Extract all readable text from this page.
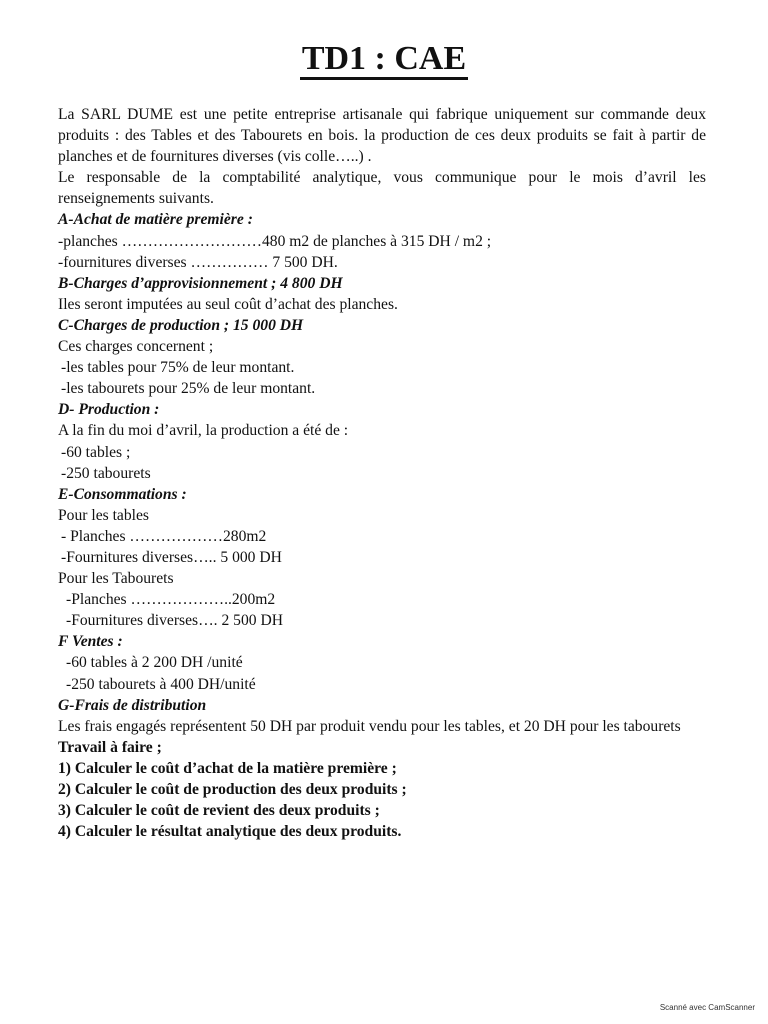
TD1 : CAE
La SARL DUME est une petite entreprise artisanale qui fabrique uniquement sur commande deux produits : des Tables et des Tabourets en bois. la production de ces deux produits se fait à partir de planches et de fournitures diverses (vis colle…..) .
Le responsable de la comptabilité analytique, vous communique pour le mois d’avril les renseignements suivants.
A-Achat de matière première :
-planches ………………………480 m2 de planches à 315 DH / m2 ;
-fournitures diverses …………… 7 500 DH.
B-Charges d’approvisionnement ; 4 800 DH
Iles seront imputées au seul coût d’achat des planches.
C-Charges de production ; 15 000 DH
Ces charges concernent ;
-les tables pour 75% de leur montant.
-les tabourets pour 25% de leur montant.
D- Production :
A la fin du moi d’avril, la production a été de :
-60 tables ;
-250 tabourets
E-Consommations :
Pour les tables
- Planches ………………280m2
-Fournitures diverses….. 5 000 DH
Pour les Tabourets
-Planches ………………..200m2
-Fournitures diverses…. 2 500 DH
F Ventes :
-60 tables à 2 200 DH /unité
-250 tabourets à 400 DH/unité
G-Frais de distribution
Les frais engagés représentent 50 DH par produit vendu pour les tables, et 20 DH pour les tabourets
Travail à faire ;
1) Calculer le coût d’achat de la matière première ;
2) Calculer le coût de production des deux produits ;
3) Calculer le coût de revient des deux produits ;
4) Calculer le résultat analytique des deux produits.
Scanné avec CamScanner
